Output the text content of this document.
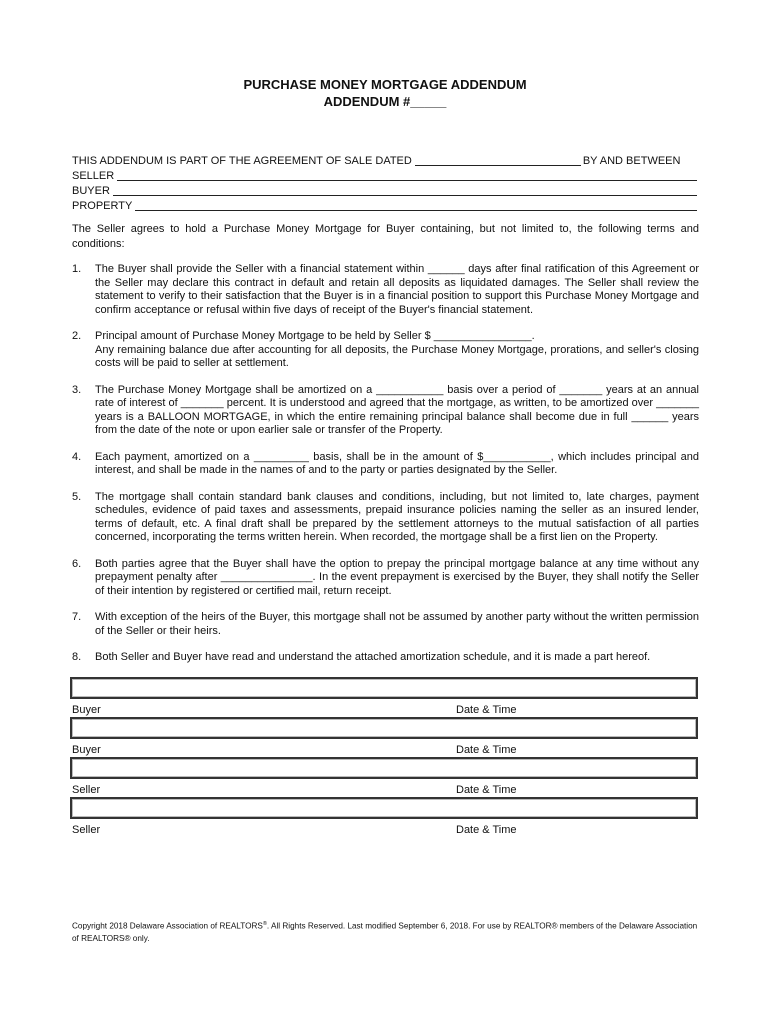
PURCHASE MONEY MORTGAGE ADDENDUM
ADDENDUM #_____
THIS ADDENDUM IS PART OF THE AGREEMENT OF SALE DATED	BY AND BETWEEN
SELLER
BUYER
PROPERTY

The Seller agrees to hold a Purchase Money Mortgage for Buyer containing, but not limited to, the following terms and conditions:

1.	The Buyer shall provide the Seller with a financial statement within ______ days after final ratification of this Agreement or the Seller may declare this contract in default and retain all deposits as liquidated damages. The Seller shall review the statement to verify to their satisfaction that the Buyer is in a financial position to support this Purchase Money Mortgage and confirm acceptance or refusal within five days of receipt of the Buyer's financial statement.

2.	Principal amount of Purchase Money Mortgage to be held by Seller $ ________________.

Any remaining balance due after accounting for all deposits, the Purchase Money Mortgage, prorations, and seller's closing costs will be paid to seller at settlement.

3.	The Purchase Money Mortgage shall be amortized on a ___________ basis over a period of _______ years at an annual rate of interest of _______ percent. It is understood and agreed that the mortgage, as written, to be amortized over _______ years is a BALLOON MORTGAGE, in which the entire remaining principal balance shall become due in full ______ years from the date of the note or upon earlier sale or transfer of the Property.

4.	Each payment, amortized on a _________ basis, shall be in the amount of $___________, which includes principal and interest, and shall be made in the names of and to the party or parties designated by the Seller.

5.	The mortgage shall contain standard bank clauses and conditions, including, but not limited to, late charges, payment schedules, evidence of paid taxes and assessments, prepaid insurance policies naming the seller as an insured lender, terms of default, etc. A final draft shall be prepared by the settlement attorneys to the mutual satisfaction of all parties concerned, incorporating the terms written herein. When recorded, the mortgage shall be a first lien on the Property.

6.	Both parties agree that the Buyer shall have the option to prepay the principal mortgage balance at any time without any prepayment penalty after _______________. In the event prepayment is exercised by the Buyer, they shall notify the Seller of their intention by registered or certified mail, return receipt.

7.	With exception of the heirs of the Buyer, this mortgage shall not be assumed by another party without the written permission of the Seller or their heirs.

8.	Both Seller and Buyer have read and understand the attached amortization schedule, and it is made a part hereof.

Buyer	Date & Time
Buyer	Date & Time
Seller	Date & Time
Seller	Date & Time

Copyright 2018 Delaware Association of REALTORS®. All Rights Reserved. Last modified September 6, 2018. For use by REALTOR® members of the Delaware Association of REALTORS® only.
